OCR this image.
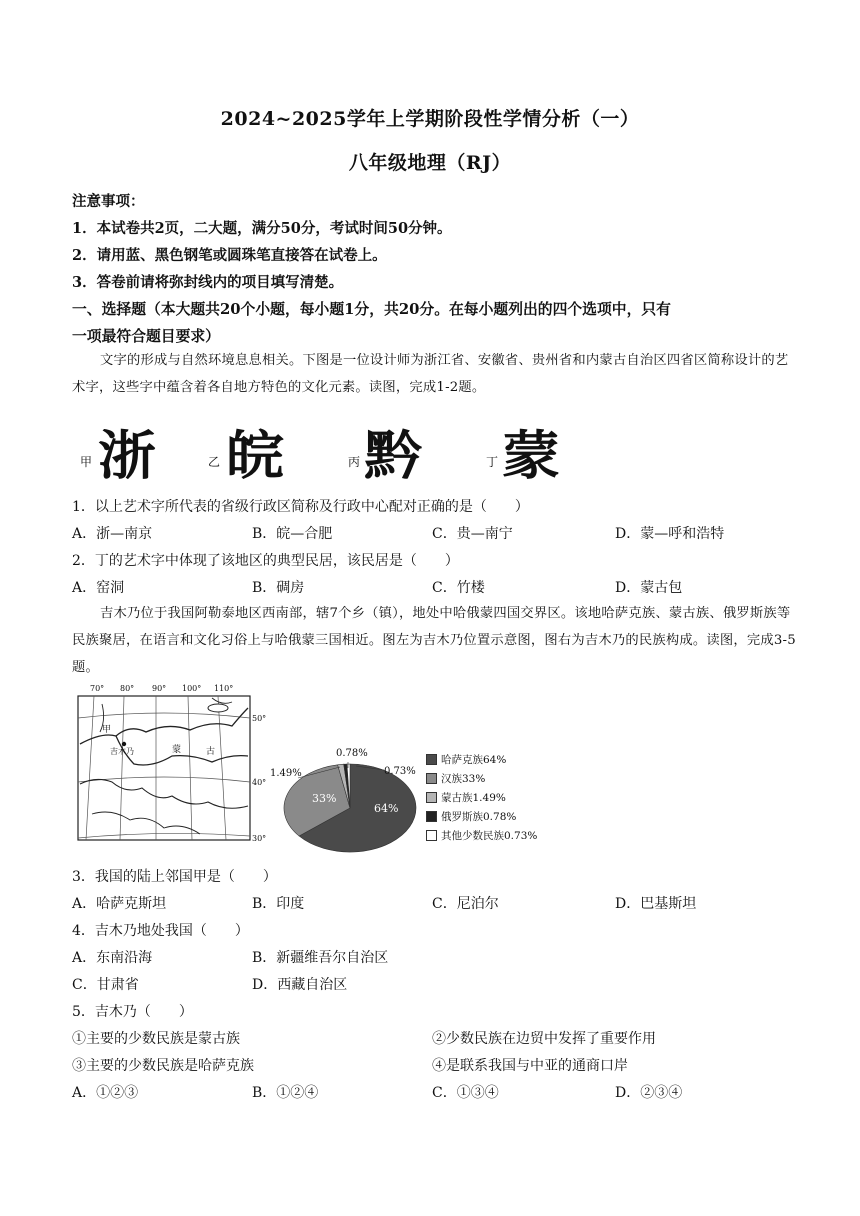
2024~2025学年上学期阶段性学情分析（一）
八年级地理（RJ）
注意事项：
1．本试卷共2页，二大题，满分50分，考试时间50分钟。
2．请用蓝、黑色钢笔或圆珠笔直接答在试卷上。
3．答卷前请将弥封线内的项目填写清楚。
一、选择题（本大题共20个小题，每小题1分，共20分。在每小题列出的四个选项中，只有
一项最符合题目要求）
文字的形成与自然环境息息相关。下图是一位设计师为浙江省、安徽省、贵州省和内蒙古自治区四省区简称设计的艺术字，这些字中蕴含着各自地方特色的文化元素。读图，完成1-2题。
甲 浙	乙 皖	丙 黔	丁 蒙
1．以上艺术字所代表的省级行政区简称及行政中心配对正确的是（　　）
A．浙—南京	B．皖—合肥	C．贵—南宁	D．蒙—呼和浩特
2．丁的艺术字中体现了该地区的典型民居，该民居是（　　）
A．窑洞	B．碉房	C．竹楼	D．蒙古包
吉木乃位于我国阿勒泰地区西南部，辖7个乡（镇），地处中哈俄蒙四国交界区。该地哈萨克族、蒙古族、俄罗斯族等民族聚居，在语言和文化习俗上与哈俄蒙三国相近。图左为吉木乃位置示意图，图右为吉木乃的民族构成。读图，完成3-5题。
70° 80° 90° 100° 110°
50°
40°
30°
甲
吉木乃	蒙	古
64%
33%
1.49%
0.78%
0.73%
哈萨克族64%
汉族33%
蒙古族1.49%
俄罗斯族0.78%
其他少数民族0.73%
3．我国的陆上邻国甲是（　　）
A．哈萨克斯坦	B．印度	C．尼泊尔	D．巴基斯坦
4．吉木乃地处我国（　　）
A．东南沿海	B．新疆维吾尔自治区
C．甘肃省	D．西藏自治区
5．吉木乃（　　）
①主要的少数民族是蒙古族	②少数民族在边贸中发挥了重要作用
③主要的少数民族是哈萨克族	④是联系我国与中亚的通商口岸
A．①②③	B．①②④	C．①③④	D．②③④
